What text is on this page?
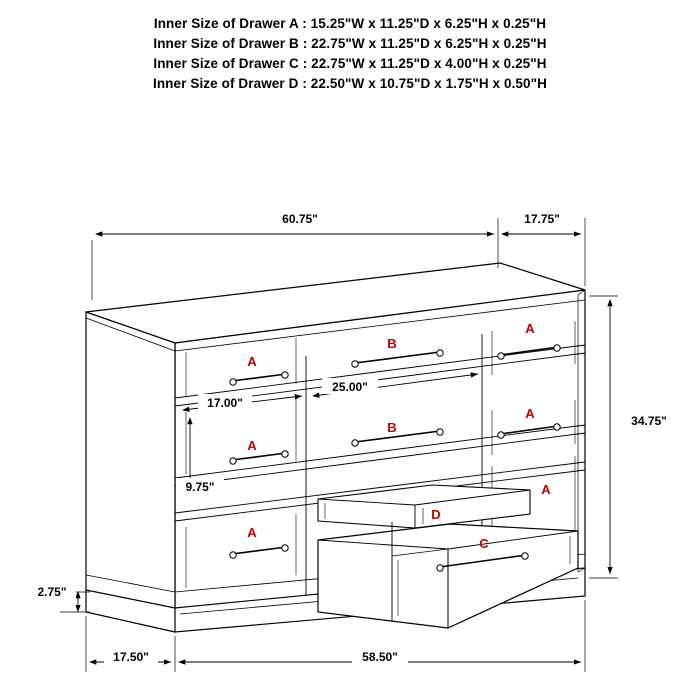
Inner Size of Drawer A : 15.25"W x 11.25"D x 6.25"H x 0.25"H
Inner Size of Drawer B : 22.75"W x 11.25"D x 6.25"H x 0.25"H
Inner Size of Drawer C : 22.75"W x 11.25"D x 4.00"H x 0.25"H
Inner Size of Drawer D : 22.50"W x 10.75"D x 1.75"H x 0.50"H
60.75"	17.75"
34.75"
17.00"
25.00"
9.75"
2.75"
17.50"	58.50"
A
B
A
A
B
A
A
A
D
C
